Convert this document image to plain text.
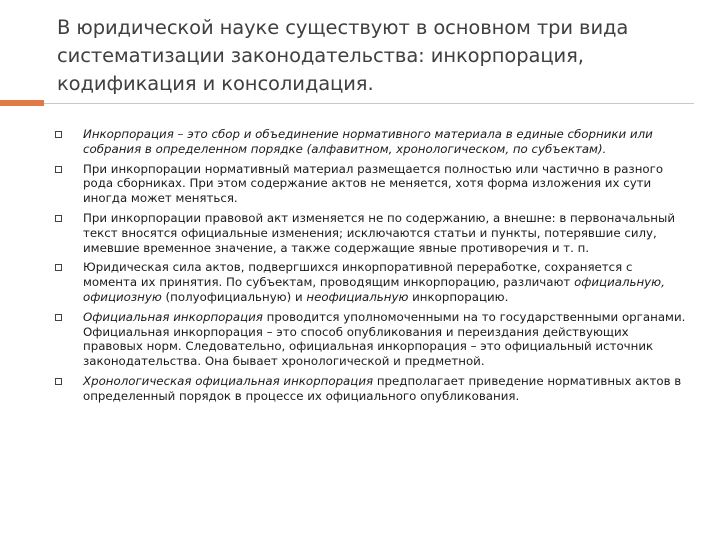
В юридической науке существуют в основном три вида систематизации законодательства: инкорпорация, кодификация и консолидация.
Инкорпорация – это сбор и объединение нормативного материала в единые сборники или собрания в определенном порядке (алфавитном, хронологическом, по субъектам).
При инкорпорации нормативный материал размещается полностью или частично в разного рода сборниках. При этом содержание актов не меняется, хотя форма изложения их сути иногда может меняться.
При инкорпорации правовой акт изменяется не по содержанию, а внешне: в первоначальный текст вносятся официальные изменения; исключаются статьи и пункты, потерявшие силу, имевшие временное значение, а также содержащие явные противоречия и т. п.
Юридическая сила актов, подвергшихся инкорпоративной переработке, сохраняется с момента их принятия. По субъектам, проводящим инкорпорацию, различают официальную, официозную (полуофициальную) и неофициальную инкорпорацию.
Официальная инкорпорация проводится уполномоченными на то государственными органами. Официальная инкорпорация – это способ опубликования и переиздания действующих правовых норм. Следовательно, официальная инкорпорация – это официальный источник законодательства. Она бывает хронологической и предметной.
Хронологическая официальная инкорпорация предполагает приведение нормативных актов в определенный порядок в процессе их официального опубликования.
